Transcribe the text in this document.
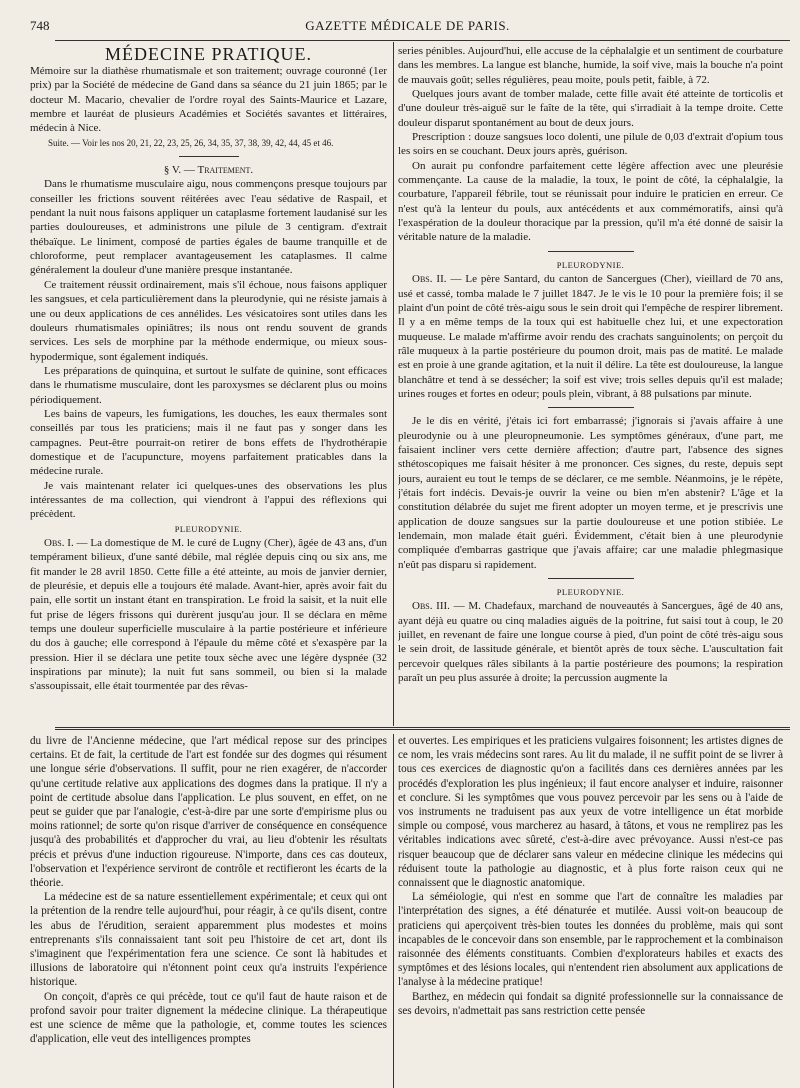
748	GAZETTE MÉDICALE DE PARIS.

MÉDECINE PRATIQUE.

Mémoire sur la diathèse rhumatismale et son traitement; ouvrage couronné (1er prix) par la Société de médecine de Gand dans sa séance du 21 juin 1865; par le docteur M. Macario, chevalier de l'ordre royal des Saints-Maurice et Lazare, membre et lauréat de plusieurs Académies et Sociétés savantes et littéraires, médecin à Nice.

Suite. — Voir les nos 20, 21, 22, 23, 25, 26, 34, 35, 37, 38, 39, 42, 44, 45 et 46.

§ V. — Traitement.

Dans le rhumatisme musculaire aigu, nous commençons presque toujours par conseiller les frictions souvent réitérées avec l'eau sédative de Raspail, et pendant la nuit nous faisons appliquer un cataplasme fortement laudanisé sur les parties douloureuses, et administrons une pilule de 3 centigram. d'extrait thébaïque. Le liniment, composé de parties égales de baume tranquille et de chloroforme, peut remplacer avantageusement les cataplasmes. Il calme généralement la douleur d'une manière presque instantanée.

Ce traitement réussit ordinairement, mais s'il échoue, nous faisons appliquer les sangsues, et cela particulièrement dans la pleurodynie, qui ne résiste jamais à une ou deux applications de ces annélides. Les vésicatoires sont utiles dans les douleurs rhumatismales opiniâtres; ils nous ont rendu souvent de grands services. Les sels de morphine par la méthode endermique, ou mieux sous-hypodermique, sont également indiqués.

Les préparations de quinquina, et surtout le sulfate de quinine, sont efficaces dans le rhumatisme musculaire, dont les paroxysmes se déclarent plus ou moins périodiquement.

Les bains de vapeurs, les fumigations, les douches, les eaux thermales sont conseillés par tous les praticiens; mais il ne faut pas y songer dans les campagnes. Peut-être pourrait-on retirer de bons effets de l'hydrothérapie domestique et de l'acupuncture, moyens parfaitement praticables dans la médecine rurale.

Je vais maintenant relater ici quelques-unes des observations les plus intéressantes de ma collection, qui viendront à l'appui des réflexions qui précèdent.

PLEURODYNIE.

Obs. I. — La domestique de M. le curé de Lugny (Cher), âgée de 43 ans, d'un tempérament bilieux, d'une santé débile, mal réglée depuis cinq ou six ans, me fit mander le 28 avril 1850. Cette fille a été atteinte, au mois de janvier dernier, de pleurésie, et depuis elle a toujours été malade. Avant-hier, après avoir fait du pain, elle sortit un instant étant en transpiration. Le froid la saisit, et la nuit elle fut prise de légers frissons qui durèrent jusqu'au jour. Il se déclara en même temps une douleur superficielle musculaire à la partie postérieure et inférieure du dos à gauche; elle correspond à l'épaule du même côté et s'exaspère par la pression. Hier il se déclara une petite toux sèche avec une légère dyspnée (32 inspirations par minute); la nuit fut sans sommeil, ou bien si la malade s'assoupissait, elle était tourmentée par des rêvas-

series pénibles. Aujourd'hui, elle accuse de la céphalalgie et un sentiment de courbature dans les membres. La langue est blanche, humide, la soif vive, mais la bouche n'a point de mauvais goût; selles régulières, peau moite, pouls petit, faible, à 72.

Quelques jours avant de tomber malade, cette fille avait été atteinte de torticolis et d'une douleur très-aiguë sur le faîte de la tête, qui s'irradiait à la tempe droite. Cette douleur disparut spontanément au bout de deux jours.

Prescription : douze sangsues loco dolenti, une pilule de 0,03 d'extrait d'opium tous les soirs en se couchant. Deux jours après, guérison.

On aurait pu confondre parfaitement cette légère affection avec une pleurésie commençante. La cause de la maladie, la toux, le point de côté, la céphalalgie, la courbature, l'appareil fébrile, tout se réunissait pour induire le praticien en erreur. Ce n'est qu'à la lenteur du pouls, aux antécédents et aux commémoratifs, ainsi qu'à l'exaspération de la douleur thoracique par la pression, qu'il m'a été donné de saisir la véritable nature de la maladie.

PLEURODYNIE.

Obs. II. — Le père Santard, du canton de Sancergues (Cher), vieillard de 70 ans, usé et cassé, tomba malade le 7 juillet 1847. Je le vis le 10 pour la première fois; il se plaint d'un point de côté très-aigu sous le sein droit qui l'empêche de respirer librement. Il y a en même temps de la toux qui est habituelle chez lui, et une expectoration muqueuse. Le malade m'affirme avoir rendu des crachats sanguinolents; on perçoit du râle muqueux à la partie postérieure du poumon droit, mais pas de matité. Le malade est en proie à une grande agitation, et la nuit il délire. La tête est douloureuse, la langue blanchâtre et tend à se dessécher; la soif est vive; trois selles depuis qu'il est malade; urines rouges et fortes en odeur; pouls plein, vibrant, à 88 pulsations par minute.

Je le dis en vérité, j'étais ici fort embarrassé; j'ignorais si j'avais affaire à une pleurodynie ou à une pleuropneumonie. Les symptômes généraux, d'une part, me faisaient incliner vers cette dernière affection; d'autre part, l'absence des signes sthétoscopiques me faisait hésiter à me prononcer. Ces signes, du reste, depuis sept jours, auraient eu tout le temps de se déclarer, ce me semble. Néanmoins, je le répète, j'étais fort indécis. Devais-je ouvrir la veine ou bien m'en abstenir? L'âge et la constitution délabrée du sujet me firent adopter un moyen terme, et je prescrivis une application de douze sangsues sur la partie douloureuse et une potion stibiée. Le lendemain, mon malade était guéri. Évidemment, c'était bien à une pleurodynie compliquée d'embarras gastrique que j'avais affaire; car une maladie phlegmasique n'eût pas disparu si rapidement.

PLEURODYNIE.

Obs. III. — M. Chadefaux, marchand de nouveautés à Sancergues, âgé de 40 ans, ayant déjà eu quatre ou cinq maladies aiguës de la poitrine, fut saisi tout à coup, le 20 juillet, en revenant de faire une longue course à pied, d'un point de côté très-aigu sous le sein droit, de lassitude générale, et bientôt après de toux sèche. L'auscultation fait percevoir quelques râles sibilants à la partie postérieure des poumons; la respiration paraît un peu plus assurée à droite; la percussion augmente la

du livre de l'Ancienne médecine, que l'art médical repose sur des principes certains. Et de fait, la certitude de l'art est fondée sur des dogmes qui résument une longue série d'observations. Il suffit, pour ne rien exagérer, de n'accorder qu'une certitude relative aux applications des dogmes dans la pratique. Il n'y a point de certitude absolue dans l'application. Le plus souvent, en effet, on ne peut se guider que par l'analogie, c'est-à-dire par une sorte d'empirisme plus ou moins rationnel; de sorte qu'on risque d'arriver de conséquence en conséquence jusqu'à des probabilités et d'approcher du vrai, au lieu d'obtenir les résultats précis et prévus d'une induction rigoureuse. N'importe, dans ces cas douteux, l'observation et l'expérience serviront de contrôle et rectifieront les écarts de la théorie.

La médecine est de sa nature essentiellement expérimentale; et ceux qui ont la prétention de la rendre telle aujourd'hui, pour réagir, à ce qu'ils disent, contre les abus de l'érudition, seraient apparemment plus modestes et moins entreprenants s'ils connaissaient tant soit peu l'histoire de cet art, dont ils s'imaginent que l'expérimentation fera une science. Ce sont là habitudes et illusions de laboratoire qui n'étonnent point ceux qu'a instruits l'expérience historique.

On conçoit, d'après ce qui précède, tout ce qu'il faut de haute raison et de profond savoir pour traiter dignement la médecine clinique. La thérapeutique est une science de même que la pathologie, et, comme toutes les sciences d'application, elle veut des intelligences promptes

et ouvertes. Les empiriques et les praticiens vulgaires foisonnent; les artistes dignes de ce nom, les vrais médecins sont rares. Au lit du malade, il ne suffit point de se livrer à tous ces exercices de diagnostic qu'on a facilités dans ces dernières années par les procédés d'exploration les plus ingénieux; il faut encore analyser et induire, raisonner et conclure. Si les symptômes que vous pouvez percevoir par les sens ou à l'aide de vos instruments ne traduisent pas aux yeux de votre intelligence un état morbide simple ou composé, vous marcherez au hasard, à tâtons, et vous ne remplirez pas les véritables indications avec sûreté, c'est-à-dire avec prévoyance. Aussi n'est-ce pas risquer beaucoup que de déclarer sans valeur en médecine clinique les médecins qui réduisent toute la pathologie au diagnostic, et à plus forte raison ceux qui ne connaissent que le diagnostic anatomique.

La séméiologie, qui n'est en somme que l'art de connaître les maladies par l'interprétation des signes, a été dénaturée et mutilée. Aussi voit-on beaucoup de praticiens qui aperçoivent très-bien toutes les données du problème, mais qui sont incapables de le concevoir dans son ensemble, par le rapprochement et la combinaison raisonnée des éléments constituants. Combien d'explorateurs habiles et exacts des symptômes et des lésions locales, qui n'entendent rien absolument aux applications de l'analyse à la médecine pratique!

Barthez, en médecin qui fondait sa dignité professionnelle sur la connaissance de ses devoirs, n'admettait pas sans restriction cette pensée
